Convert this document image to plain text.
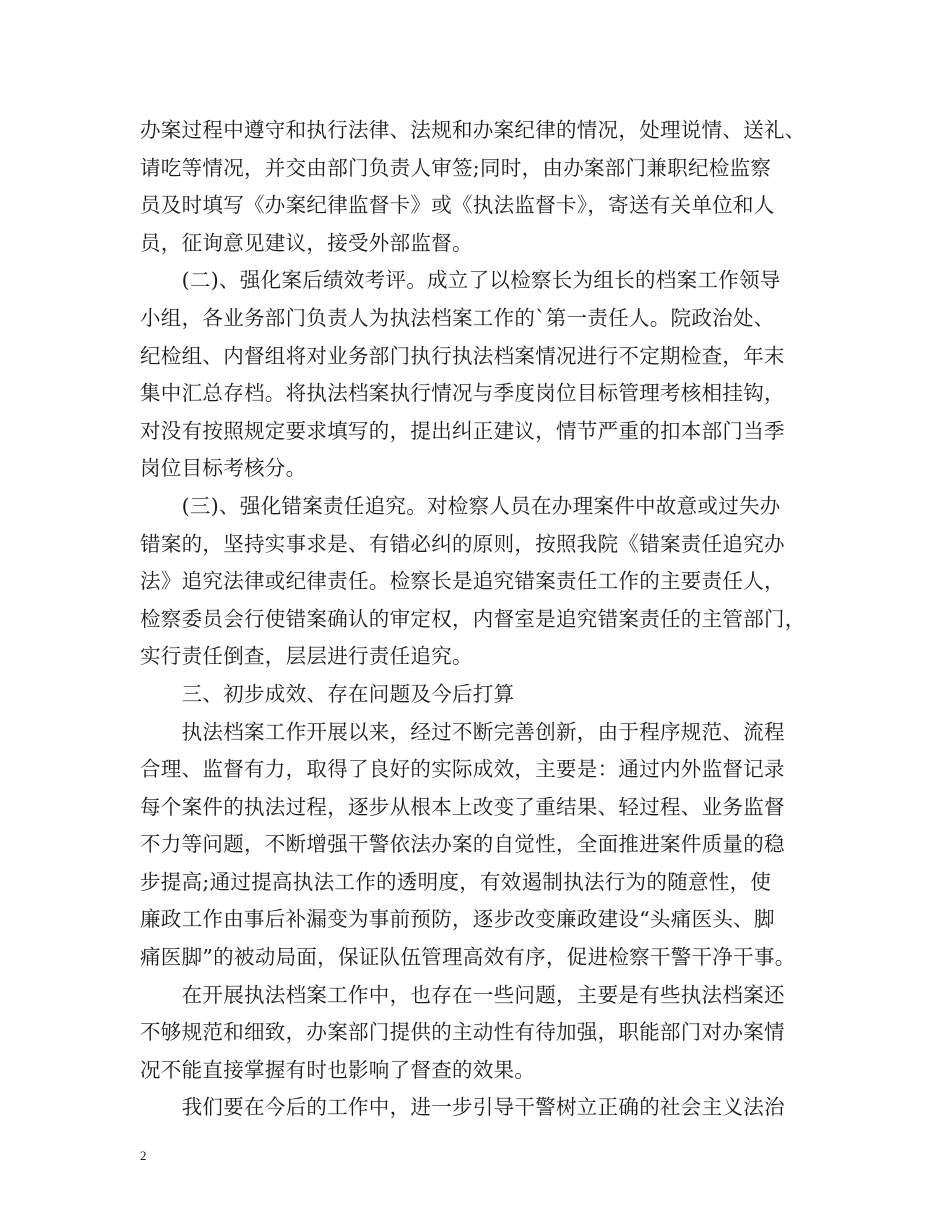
办案过程中遵守和执行法律、法规和办案纪律的情况，处理说情、送礼、
请吃等情况，并交由部门负责人审签;同时，由办案部门兼职纪检监察
员及时填写《办案纪律监督卡》或《执法监督卡》，寄送有关单位和人
员，征询意见建议，接受外部监督。
　　(二)、强化案后绩效考评。成立了以检察长为组长的档案工作领导
小组，各业务部门负责人为执法档案工作的`第一责任人。院政治处、
纪检组、内督组将对业务部门执行执法档案情况进行不定期检查，年末
集中汇总存档。将执法档案执行情况与季度岗位目标管理考核相挂钩，
对没有按照规定要求填写的，提出纠正建议，情节严重的扣本部门当季
岗位目标考核分。
　　(三)、强化错案责任追究。对检察人员在办理案件中故意或过失办
错案的，坚持实事求是、有错必纠的原则，按照我院《错案责任追究办
法》追究法律或纪律责任。检察长是追究错案责任工作的主要责任人，
检察委员会行使错案确认的审定权，内督室是追究错案责任的主管部门，
实行责任倒查，层层进行责任追究。
　　三、初步成效、存在问题及今后打算
　　执法档案工作开展以来，经过不断完善创新，由于程序规范、流程
合理、监督有力，取得了良好的实际成效，主要是：通过内外监督记录
每个案件的执法过程，逐步从根本上改变了重结果、轻过程、业务监督
不力等问题，不断增强干警依法办案的自觉性，全面推进案件质量的稳
步提高;通过提高执法工作的透明度，有效遏制执法行为的随意性，使
廉政工作由事后补漏变为事前预防，逐步改变廉政建设“头痛医头、脚
痛医脚”的被动局面，保证队伍管理高效有序，促进检察干警干净干事。
　　在开展执法档案工作中，也存在一些问题，主要是有些执法档案还
不够规范和细致，办案部门提供的主动性有待加强，职能部门对办案情
况不能直接掌握有时也影响了督查的效果。
　　我们要在今后的工作中，进一步引导干警树立正确的社会主义法治
2
